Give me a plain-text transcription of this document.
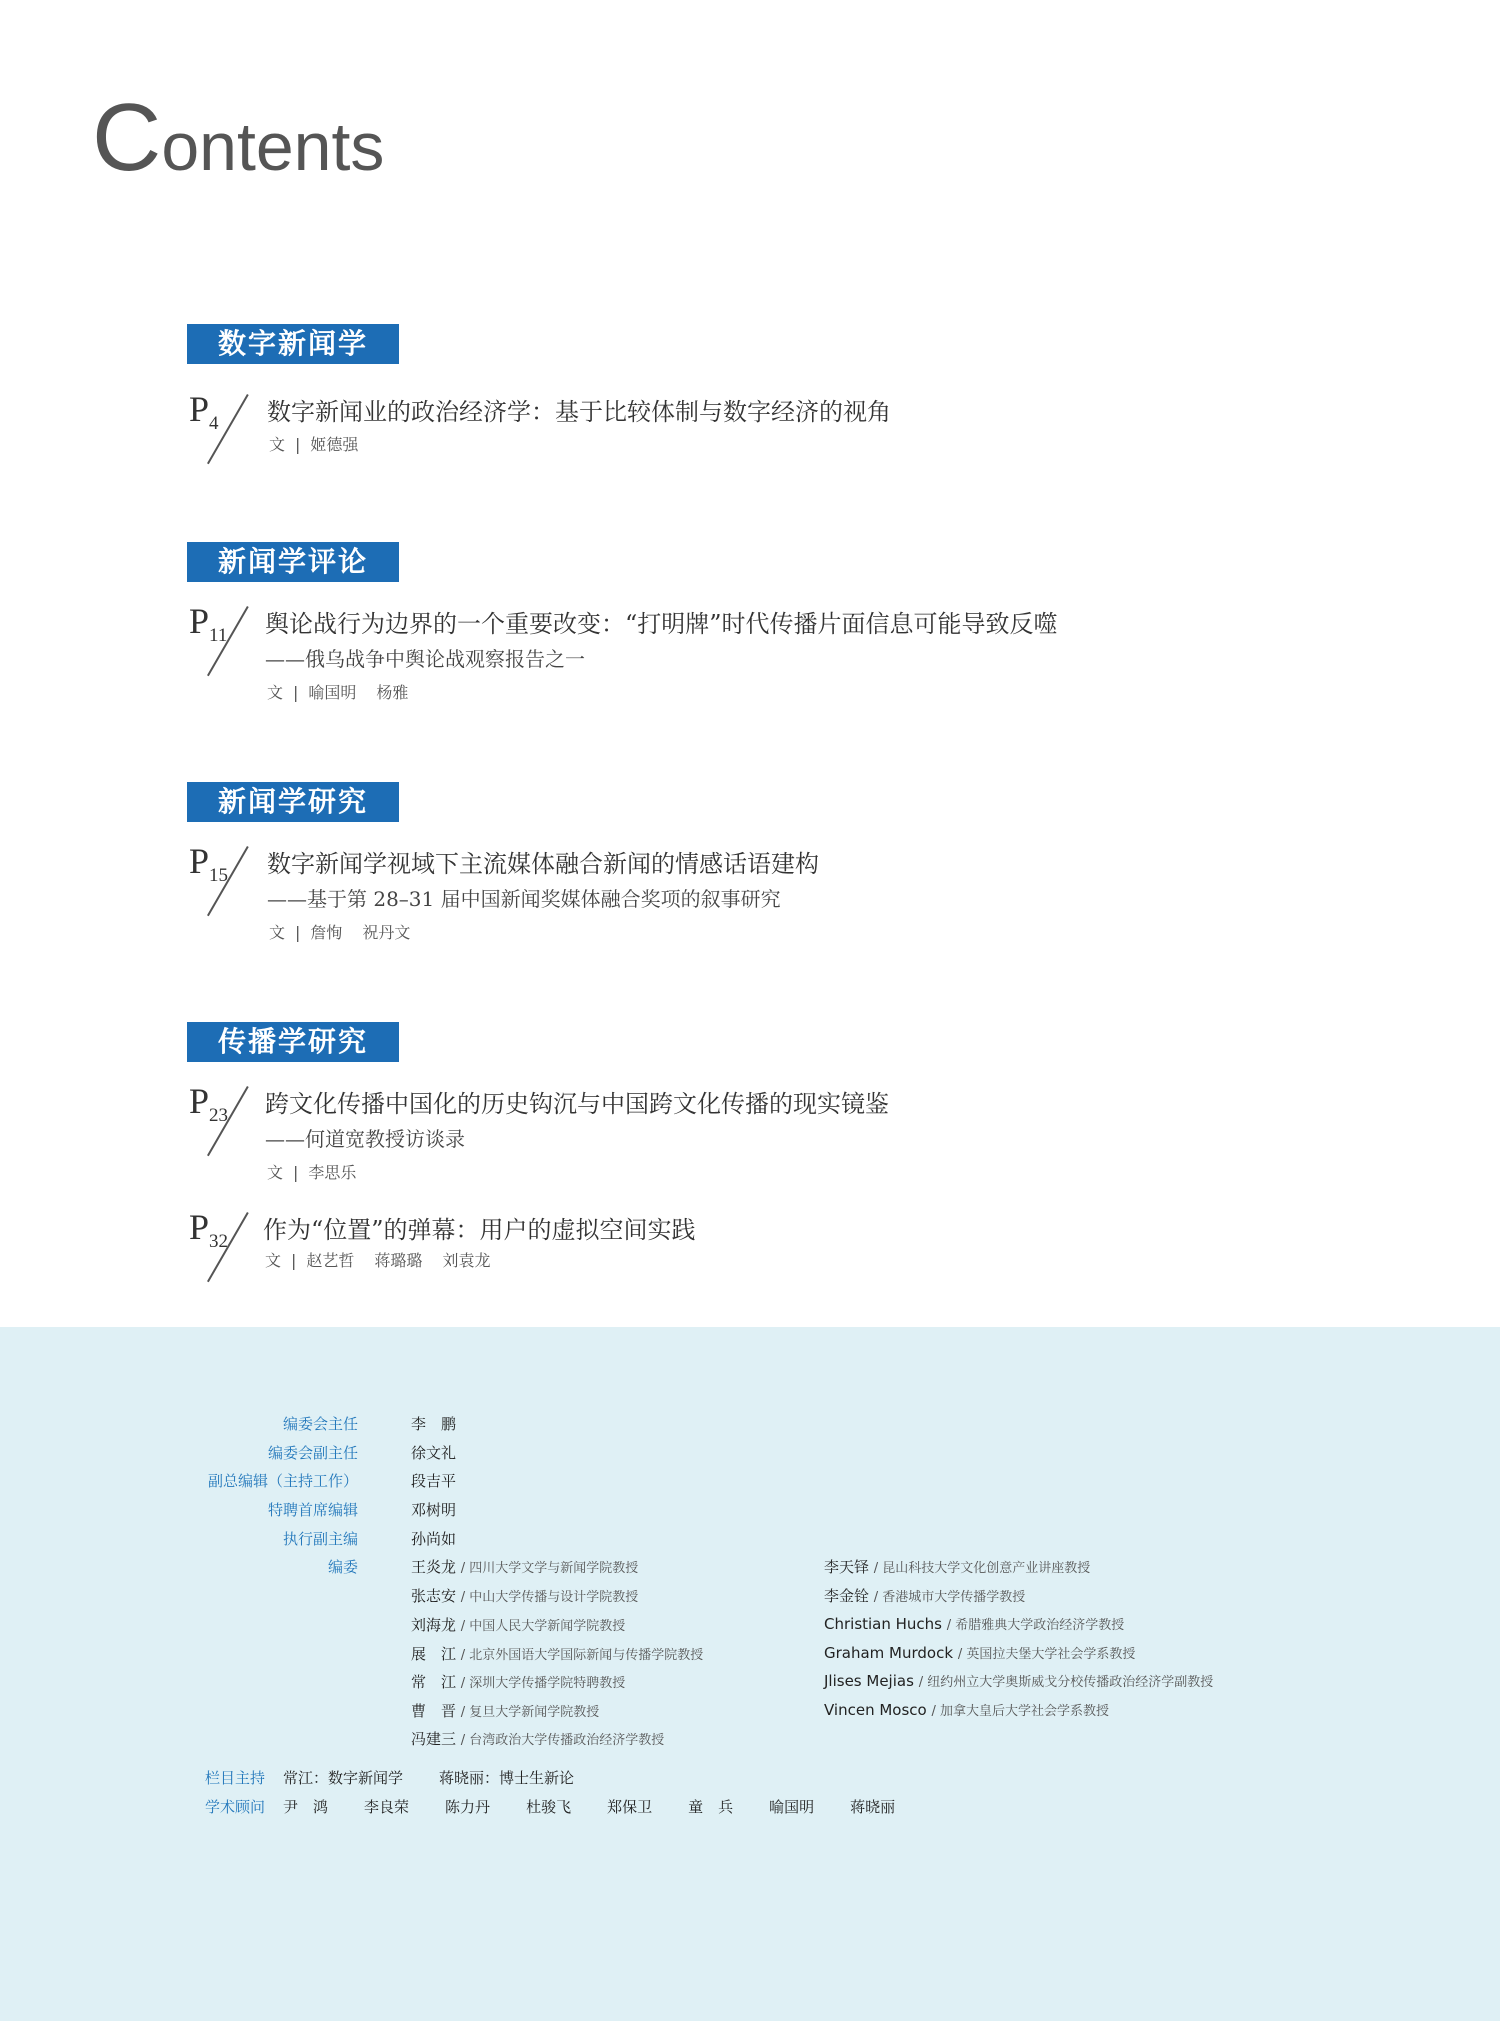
Contents
数字新闻学
P4 数字新闻业的政治经济学：基于比较体制与数字经济的视角
文 | 姬德强
新闻学评论
P11 舆论战行为边界的一个重要改变：“打明牌”时代传播片面信息可能导致反噬
——俄乌战争中舆论战观察报告之一
文 | 喻国明 杨雅
新闻学研究
P15 数字新闻学视域下主流媒体融合新闻的情感话语建构
——基于第 28–31 届中国新闻奖媒体融合奖项的叙事研究
文 | 詹恂 祝丹文
传播学研究
P23 跨文化传播中国化的历史钩沉与中国跨文化传播的现实镜鉴
——何道宽教授访谈录
文 | 李思乐
P32 作为“位置”的弹幕：用户的虚拟空间实践
文 | 赵艺哲 蒋璐璐 刘袁龙
编委会主任	李　鹏
编委会副主任	徐文礼
副总编辑（主持工作）	段吉平
特聘首席编辑	邓树明
执行副主编	孙尚如
编委	王炎龙 / 四川大学文学与新闻学院教授	李天铎 / 昆山科技大学文化创意产业讲座教授
张志安 / 中山大学传播与设计学院教授	李金铨 / 香港城市大学传播学教授
刘海龙 / 中国人民大学新闻学院教授	Christian Huchs / 希腊雅典大学政治经济学教授
展　江 / 北京外国语大学国际新闻与传播学院教授	Graham Murdock / 英国拉夫堡大学社会学系教授
常　江 / 深圳大学传播学院特聘教授	Jlises Mejias / 纽约州立大学奥斯威戈分校传播政治经济学副教授
曹　晋 / 复旦大学新闻学院教授	Vincen Mosco / 加拿大皇后大学社会学系教授
冯建三 / 台湾政治大学传播政治经济学教授
栏目主持 常江：数字新闻学 蒋晓丽：博士生新论
学术顾问 尹　鸿 李良荣 陈力丹 杜骏飞 郑保卫 童　兵 喻国明 蒋晓丽
